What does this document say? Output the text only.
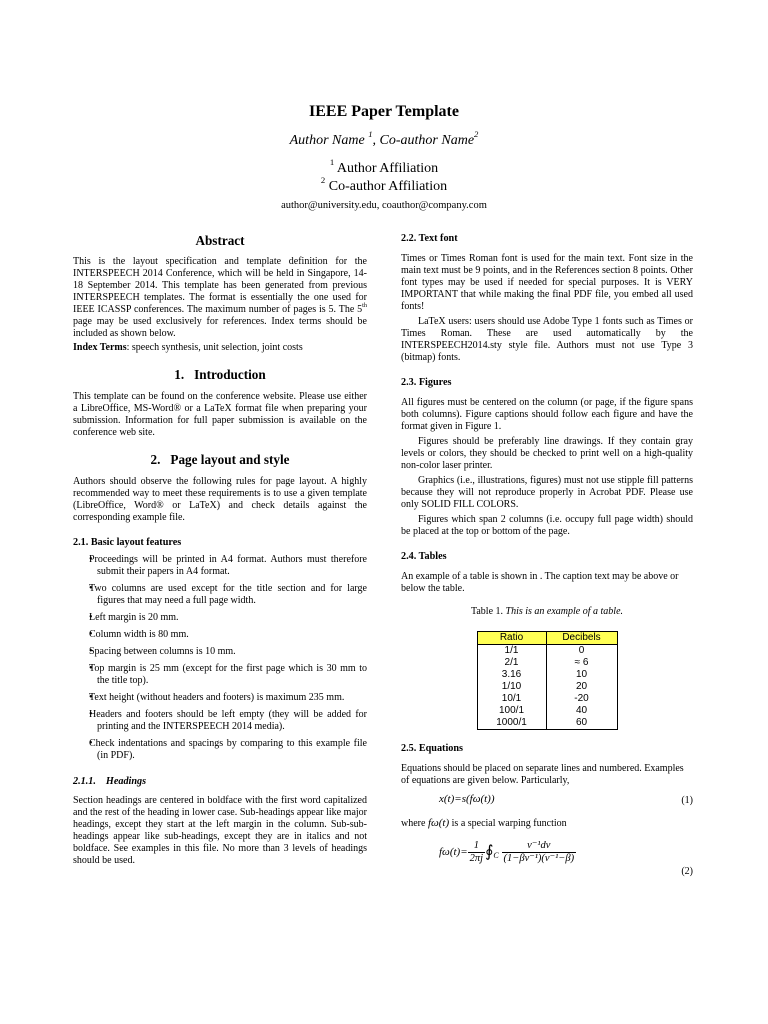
IEEE Paper Template
Author Name $^1$, Co-author Name$^2$
$^1$ Author Affiliation
$^2$ Co-author Affiliation
author@university.edu, coauthor@company.com
Abstract

This is the layout specification and template definition for the INTERSPEECH 2014 Conference, which will be held in Singapore, 14-18 September 2014. This template has been generated from previous INTERSPEECH templates. The format is essentially the one used for IEEE ICASSP conferences. The maximum number of pages is 5. The 5th page may be used exclusively for references. Index terms should be included as shown below.

Index Terms: speech synthesis, unit selection, joint costs

1. Introduction

This template can be found on the conference website. Please use either a LibreOffice, MS-Word® or a LaTeX format file when preparing your submission. Information for full paper submission is available on the conference web site.

2. Page layout and style

Authors should observe the following rules for page layout. A highly recommended way to meet these requirements is to use a given template (LibreOffice, Word® or LaTeX) and check details against the corresponding example file.

2.1. Basic layout features
• Proceedings will be printed in A4 format. Authors must therefore submit their papers in A4 format.
• Two columns are used except for the title section and for large figures that may need a full page width.
• Left margin is 20 mm.
• Column width is 80 mm.
• Spacing between columns is 10 mm.
• Top margin is 25 mm (except for the first page which is 30 mm to the title top).
• Text height (without headers and footers) is maximum 235 mm.
• Headers and footers should be left empty (they will be added for printing and the INTERSPEECH 2014 media).
• Check indentations and spacings by comparing to this example file (in PDF).
2.1.1. Headings

Section headings are centered in boldface with the first word capitalized and the rest of the heading in lower case. Sub-headings appear like major headings, except they start at the left margin in the column. Sub-sub-headings appear like sub-headings, except they are in italics and not boldface. See examples in this file. No more than 3 levels of headings should be used.

2.2. Text font

Times or Times Roman font is used for the main text. Font size in the main text must be 9 points, and in the References section 8 points. Other font types may be used if needed for special purposes. It is VERY IMPORTANT that while making the final PDF file, you embed all used fonts!

LaTeX users: users should use Adobe Type 1 fonts such as Times or Times Roman. These are used automatically by the INTERSPEECH2014.sty style file. Authors must not use Type 3 (bitmap) fonts.

2.3. Figures

All figures must be centered on the column (or page, if the figure spans both columns). Figure captions should follow each figure and have the format given in Figure 1.

Figures should be preferably line drawings. If they contain gray levels or colors, they should be checked to print well on a high-quality non-color laser printer.

Graphics (i.e., illustrations, figures) must not use stipple fill patterns because they will not reproduce properly in Acrobat PDF. Please use only SOLID FILL COLORS.

Figures which span 2 columns (i.e. occupy full page width) should be placed at the top or bottom of the page.

2.4. Tables

An example of a table is shown in . The caption text may be above or below the table.

Table 1. This is an example of a table.
Ratio	Decibels
1/1	0
2/1	≈ 6
3.16	10
1/10	20
10/1	-20
100/1	40
1000/1	60
2.5. Equations

Equations should be placed on separate lines and numbered. Examples of equations are given below. Particularly,

x(t)=s(fω(t))	(1)
where fω(t) is a special warping function
$f\omega(t)= \frac{1}{2\pi j}$ $∮_C \frac{\text{v⁻¹dv}}{\text{(1−βv⁻¹)(v⁻¹−β)}}$
(2)
